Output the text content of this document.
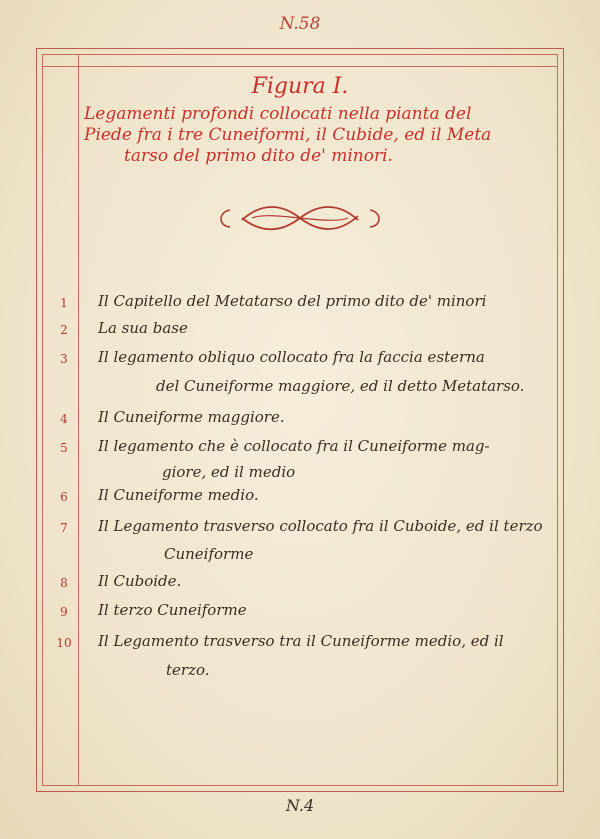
N.58
Figura I.
Legamenti profondi collocati nella pianta del
Piede fra i tre Cuneiformi, il Cubide, ed il Meta
tarso del primo dito de' minori.
1	Il Capitello del Metatarso del primo dito de' minori
2	La sua base
3	Il legamento obliquo collocato fra la faccia esterna
del Cuneiforme maggiore, ed il detto Metatarso.
4	Il Cuneiforme maggiore.
5	Il legamento che è collocato fra il Cuneiforme mag-
giore, ed il medio
6	Il Cuneiforme medio.
7	Il Legamento trasverso collocato fra il Cuboide, ed il terzo
Cuneiforme
8	Il Cuboide.
9	Il terzo Cuneiforme
10 Il Legamento trasverso tra il Cuneiforme medio, ed il
terzo.
N.4
